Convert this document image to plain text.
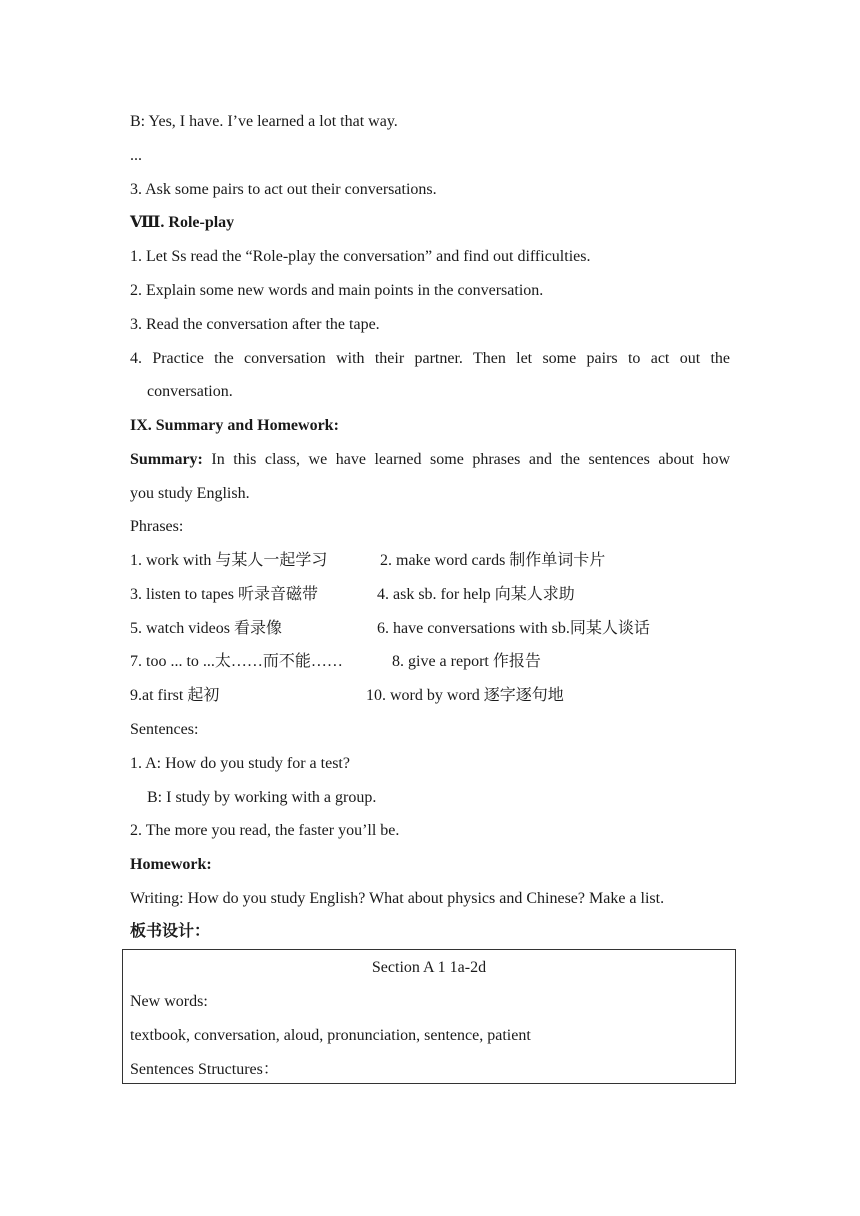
B: Yes, I have. I’ve learned a lot that way.
...
3. Ask some pairs to act out their conversations.
Ⅷ. Role-play
1. Let Ss read the “Role-play the conversation” and find out difficulties.
2. Explain some new words and main points in the conversation.
3. Read the conversation after the tape.
4. Practice the conversation with their partner. Then let some pairs to act out the
conversation.
IX. Summary and Homework:
Summary: In this class, we have learned some phrases and the sentences about how
you study English.
Phrases:
1. work with 与某人一起学习	2. make word cards 制作单词卡片
3. listen to tapes 听录音磁带	4. ask sb. for help 向某人求助
5. watch videos 看录像	6. have conversations with sb.同某人谈话
7. too ... to ...太……而不能……	8. give a report 作报告
9.at first 起初	10. word by word 逐字逐句地
Sentences:
1. A: How do you study for a test?
B: I study by working with a group.
2. The more you read, the faster you’ll be.
Homework:
Writing: How do you study English? What about physics and Chinese? Make a list.
板书设计：
Section A 1 1a-2d
New words:
textbook, conversation, aloud, pronunciation, sentence, patient
Sentences Structures：
